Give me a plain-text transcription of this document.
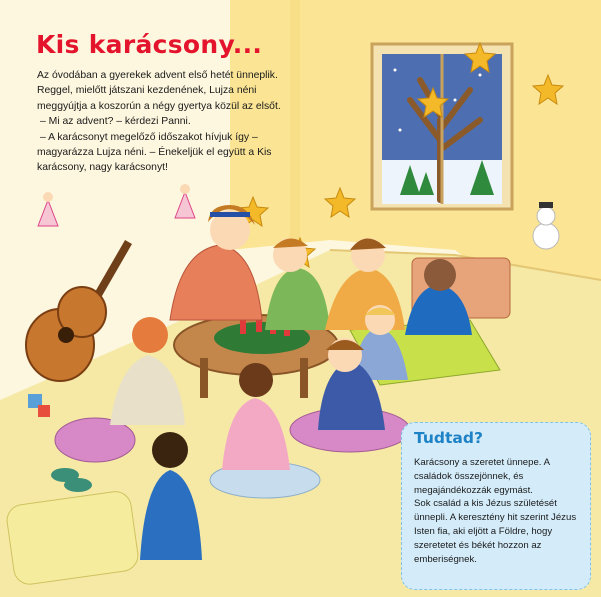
Kis karácsony...

Az óvodában a gyerekek advent első hetét ünneplik. Reggel, mielőtt játszani kezdenének, Lujza néni meggyújtja a koszorún a négy gyertya közül az elsőt.

– Mi az advent? – kérdezi Panni.

– A karácsonyt megelőző időszakot hívjuk így – magyarázza Lujza néni. – Énekeljük el együtt a Kis karácsony, nagy karácsonyt!

Tudtad?

Karácsony a szeretet ünnepe. A családok összejönnek, és megajándékozzák egymást.

Sok család a kis Jézus születését ünnepli. A keresztény hit szerint Jézus Isten fia, aki eljött a Földre, hogy szeretetet és békét hozzon az emberiségnek.
